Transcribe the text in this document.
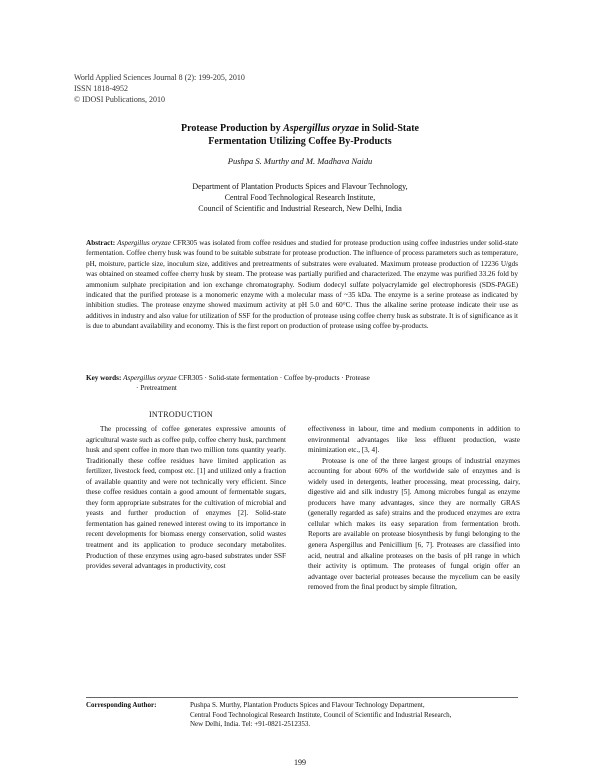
World Applied Sciences Journal 8 (2): 199-205, 2010
ISSN 1818-4952
© IDOSI Publications, 2010
Protease Production by Aspergillus oryzae in Solid-State
Fermentation Utilizing Coffee By-Products
Pushpa S. Murthy and M. Madhava Naidu
Department of Plantation Products Spices and Flavour Technology,
Central Food Technological Research Institute,
Council of Scientific and Industrial Research, New Delhi, India
Abstract: Aspergillus oryzae CFR305 was isolated from coffee residues and studied for protease production using coffee industries under solid-state fermentation. Coffee cherry husk was found to be suitable substrate for protease production. The influence of process parameters such as temperature, pH, moisture, particle size, inoculum size, additives and pretreatments of substrates were evaluated. Maximum protease production of 12236 U/gds was obtained on steamed coffee cherry husk by steam. The protease was partially purified and characterized. The enzyme was purified 33.26 fold by ammonium sulphate precipitation and ion exchange chromatography. Sodium dodecyl sulfate polyacrylamide gel electrophoresis (SDS-PAGE) indicated that the purified protease is a monomeric enzyme with a molecular mass of ~35 kDa. The enzyme is a serine protease as indicated by inhibition studies. The protease enzyme showed maximum activity at pH 5.0 and 60°C. Thus the alkaline serine protease indicate their use as additives in industry and also value for utilization of SSF for the production of protease using coffee cherry husk as substrate. It is of significance as it is due to abundant availability and economy. This is the first report on production of protease using coffee by-products.
Key words: Aspergillus oryzae CFR305 · Solid-state fermentation · Coffee by-products · Protease
· Pretreatment
INTRODUCTION

The processing of coffee generates expressive amounts of agricultural waste such as coffee pulp, coffee cherry husk, parchment husk and spent coffee in more than two million tons quantity yearly. Traditionally these coffee residues have limited application as fertilizer, livestock feed, compost etc. [1] and utilized only a fraction of available quantity and were not technically very efficient. Since these coffee residues contain a good amount of fermentable sugars, they form appropriate substrates for the cultivation of microbial and yeasts and further production of enzymes [2]. Solid-state fermentation has gained renewed interest owing to its importance in recent developments for biomass energy conservation, solid wastes treatment and its application to produce secondary metabolites. Production of these enzymes using agro-based substrates under SSF provides several advantages in productivity, cost

effectiveness in labour, time and medium components in addition to environmental advantages like less effluent production, waste minimization etc., [3, 4].

Protease is one of the three largest groups of industrial enzymes accounting for about 60% of the worldwide sale of enzymes and is widely used in detergents, leather processing, meat processing, dairy, digestive aid and silk industry [5]. Among microbes fungal as enzyme producers have many advantages, since they are normally GRAS (generally regarded as safe) strains and the produced enzymes are extra cellular which makes its easy separation from fermentation broth. Reports are available on protease biosynthesis by fungi belonging to the genera Aspergillus and Penicillium [6, 7]. Proteases are classified into acid, neutral and alkaline proteases on the basis of pH range in which their activity is optimum. The proteases of fungal origin offer an advantage over bacterial proteases because the mycelium can be easily removed from the final product by simple filtration,

Corresponding Author:	Pushpa S. Murthy, Plantation Products Spices and Flavour Technology Department,
Central Food Technological Research Institute, Council of Scientific and Industrial Research,
New Delhi, India. Tel: +91-0821-2512353.
199
